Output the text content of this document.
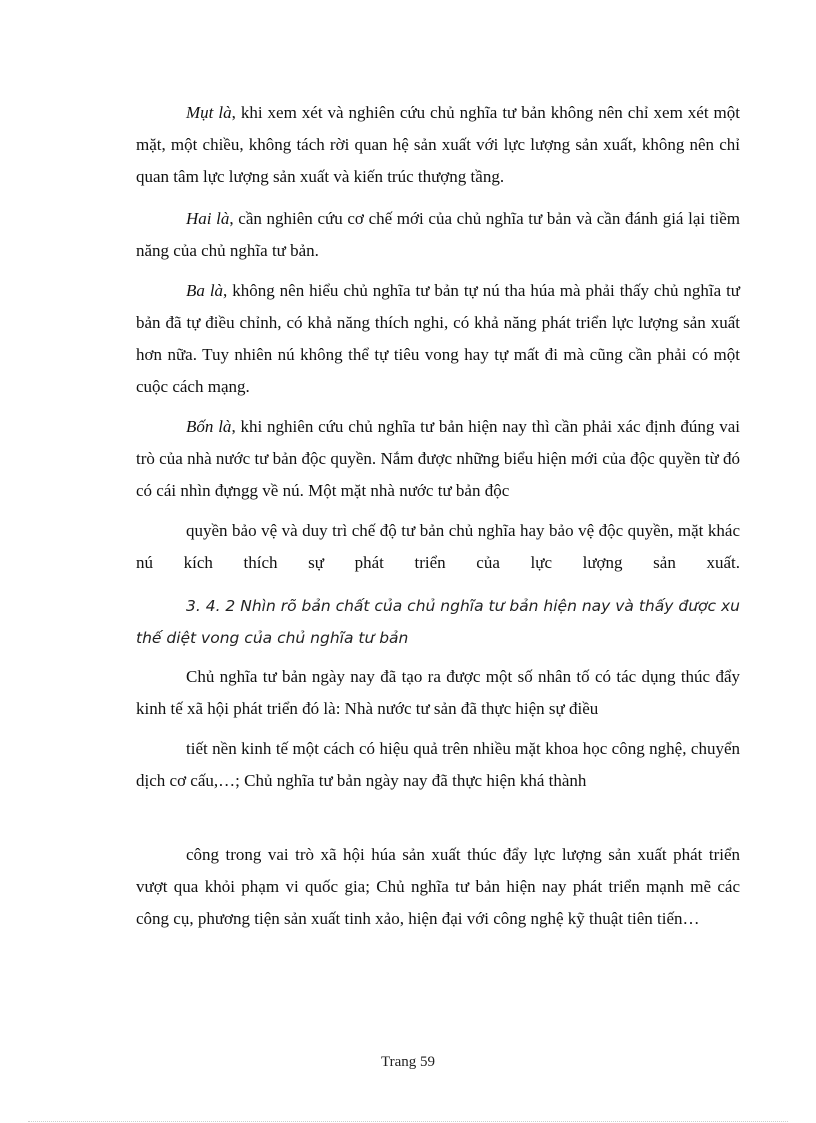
Mụt là, khi xem xét và nghiên cứu chủ nghĩa tư bản không nên chỉ xem xét một mặt, một chiều, không tách rời quan hệ sản xuất với lực lượng sản xuất, không nên chỉ quan tâm lực lượng sản xuất và kiến trúc thượng tầng.

Hai là, cần nghiên cứu cơ chế mới của chủ nghĩa tư bản và cần đánh giá lại tiềm năng của chủ nghĩa tư bản.

Ba là, không nên hiểu chủ nghĩa tư bản tự nú tha húa mà phải thấy chủ nghĩa tư bản đã tự điều chỉnh, có khả năng thích nghi, có khả năng phát triển lực lượng sản xuất hơn nữa. Tuy nhiên nú không thể tự tiêu vong hay tự mất đi mà cũng cần phải có một cuộc cách mạng.

Bốn là, khi nghiên cứu chủ nghĩa tư bản hiện nay thì cần phải xác định đúng vai trò của nhà nước tư bản độc quyền. Nắm được những biểu hiện mới của độc quyền từ đó có cái nhìn đựngg về nú. Một mặt nhà nước tư bản độc

quyền bảo vệ và duy trì chế độ tư bản chủ nghĩa hay bảo vệ độc quyền, mặt khác nú kích thích sự phát triển của lực lượng sản xuất.

3. 4. 2 Nhìn rõ bản chất của chủ nghĩa tư bản hiện nay và thấy được xu thế diệt vong của chủ nghĩa tư bản

Chủ nghĩa tư bản ngày nay đã tạo ra được một số nhân tố có tác dụng thúc đẩy kinh tế xã hội phát triển đó là: Nhà nước tư sản đã thực hiện sự điều

tiết nền kinh tế một cách có hiệu quả trên nhiều mặt khoa học công nghệ, chuyển dịch cơ cấu,…; Chủ nghĩa tư bản ngày nay đã thực hiện khá thành

công trong vai trò xã hội húa sản xuất thúc đẩy lực lượng sản xuất phát triển vượt qua khỏi phạm vi quốc gia; Chủ nghĩa tư bản hiện nay phát triển mạnh mẽ các công cụ, phương tiện sản xuất tinh xảo, hiện đại với công nghệ kỹ thuật tiên tiến…

Trang 59
